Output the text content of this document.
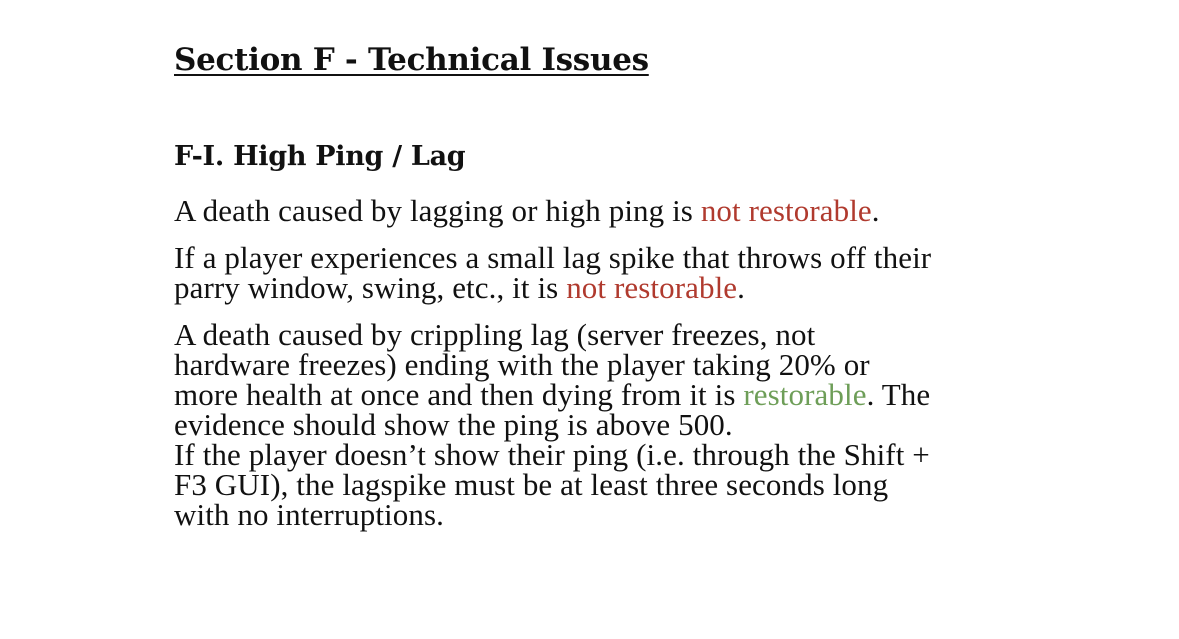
Section F - Technical Issues
F-I. High Ping / Lag

A death caused by lagging or high ping is not restorable.

If a player experiences a small lag spike that throws off their parry window, swing, etc., it is not restorable.

A death caused by crippling lag (server freezes, not hardware freezes) ending with the player taking 20% or more health at once and then dying from it is restorable. The evidence should show the ping is above 500.

If the player doesn’t show their ping (i.e. through the Shift + F3 GUI), the lagspike must be at least three seconds long with no interruptions.
